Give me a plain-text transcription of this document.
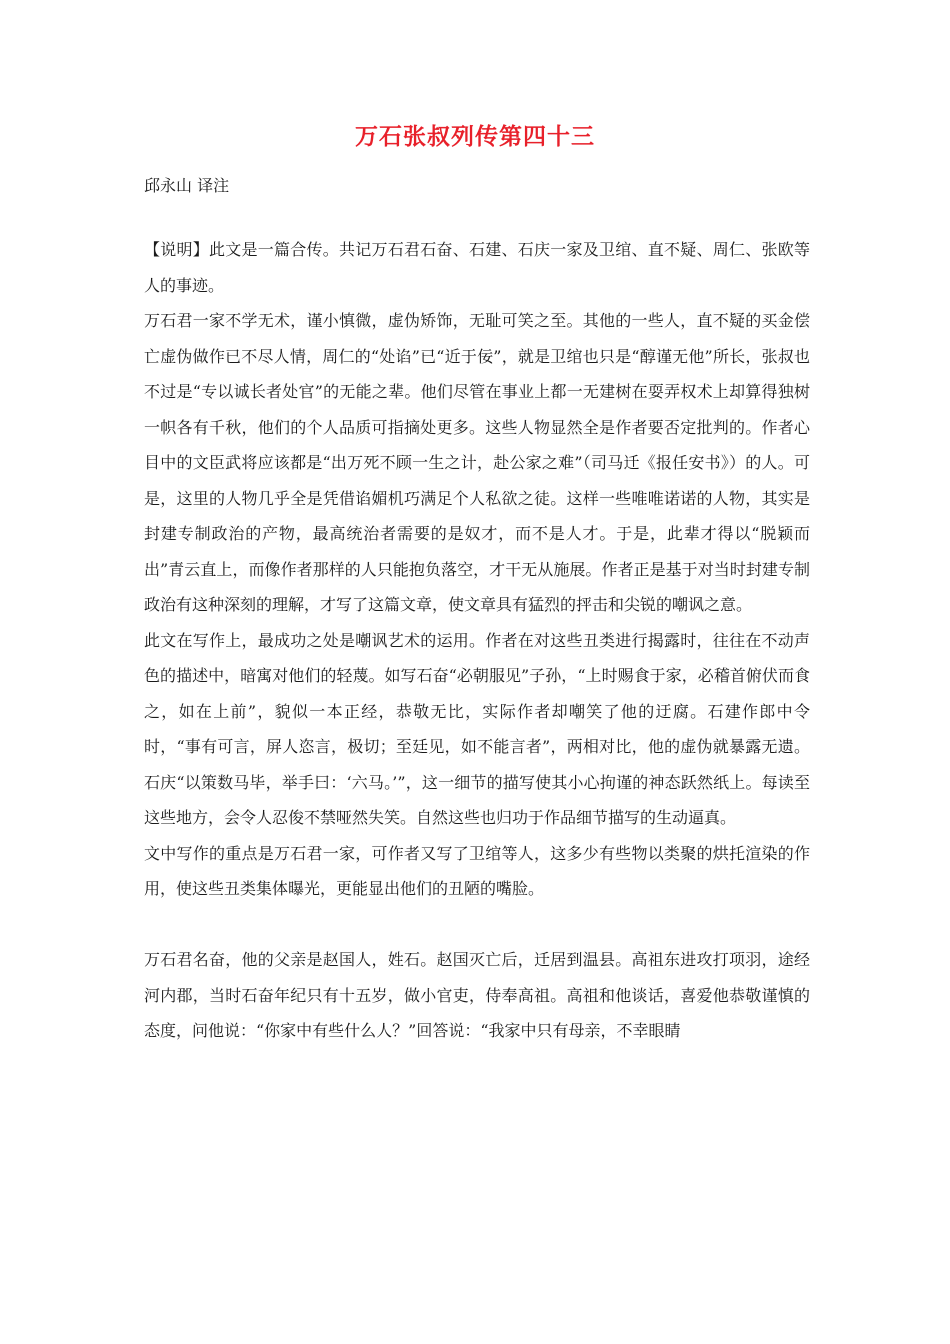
万石张叔列传第四十三
邱永山 译注

【说明】此文是一篇合传。共记万石君石奋、石建、石庆一家及卫绾、直不疑、周仁、张欧等人的事迹。

万石君一家不学无术，谨小慎微，虚伪矫饰，无耻可笑之至。其他的一些人，直不疑的买金偿亡虚伪做作已不尽人情，周仁的“处谄”已“近于佞”，就是卫绾也只是“醇谨无他”所长，张叔也不过是“专以诚长者处官”的无能之辈。他们尽管在事业上都一无建树在耍弄权术上却算得独树一帜各有千秋，他们的个人品质可指摘处更多。这些人物显然全是作者要否定批判的。作者心目中的文臣武将应该都是“出万死不顾一生之计，赴公家之难”（司马迁《报任安书》）的人。可是，这里的人物几乎全是凭借谄媚机巧满足个人私欲之徒。这样一些唯唯诺诺的人物，其实是封建专制政治的产物，最高统治者需要的是奴才，而不是人才。于是，此辈才得以“脱颖而出”青云直上，而像作者那样的人只能抱负落空，才干无从施展。作者正是基于对当时封建专制政治有这种深刻的理解，才写了这篇文章，使文章具有猛烈的抨击和尖锐的嘲讽之意。

此文在写作上，最成功之处是嘲讽艺术的运用。作者在对这些丑类进行揭露时，往往在不动声色的描述中，暗寓对他们的轻蔑。如写石奋“必朝服见”子孙，“上时赐食于家，必稽首俯伏而食之，如在上前”，貌似一本正经，恭敬无比，实际作者却嘲笑了他的迂腐。石建作郎中令时，“事有可言，屏人恣言，极切；至廷见，如不能言者”，两相对比，他的虚伪就暴露无遗。石庆“以策数马毕，举手曰：‘六马。’”，这一细节的描写使其小心拘谨的神态跃然纸上。每读至这些地方，会令人忍俊不禁哑然失笑。自然这些也归功于作品细节描写的生动逼真。

文中写作的重点是万石君一家，可作者又写了卫绾等人，这多少有些物以类聚的烘托渲染的作用，使这些丑类集体曝光，更能显出他们的丑陋的嘴脸。

万石君名奋，他的父亲是赵国人，姓石。赵国灭亡后，迁居到温县。高祖东进攻打项羽，途经河内郡，当时石奋年纪只有十五岁，做小官吏，侍奉高祖。高祖和他谈话，喜爱他恭敬谨慎的态度，问他说：“你家中有些什么人？”回答说：“我家中只有母亲，不幸眼睛
